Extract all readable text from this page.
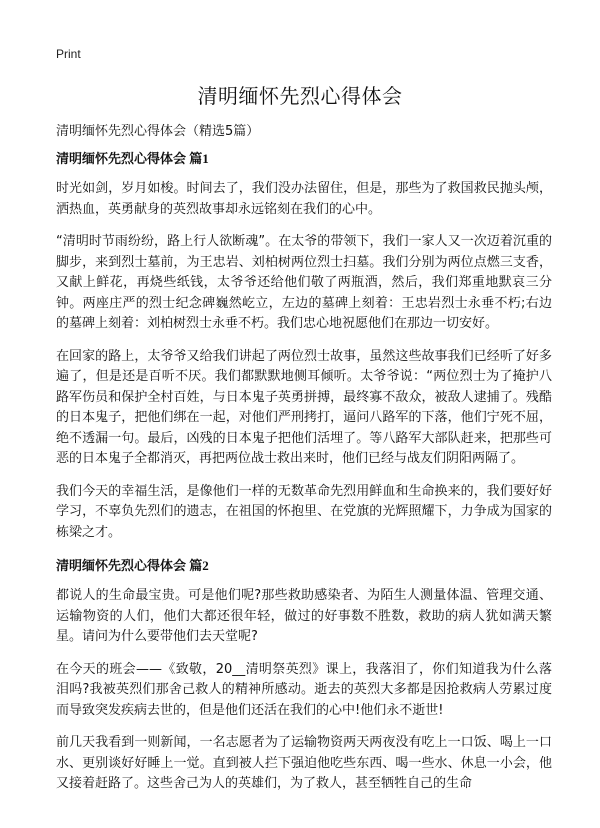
Print
清明缅怀先烈心得体会
清明缅怀先烈心得体会（精选5篇）
清明缅怀先烈心得体会 篇1

时光如剑，岁月如梭。时间去了，我们没办法留住，但是，那些为了救国救民抛头颅，洒热血，英勇献身的英烈故事却永远铭刻在我们的心中。

“清明时节雨纷纷，路上行人欲断魂”。在太爷的带领下，我们一家人又一次迈着沉重的脚步，来到烈士墓前，为王忠岩、刘柏树两位烈士扫墓。我们分别为两位点燃三支香，又献上鲜花，再烧些纸钱，太爷爷还给他们敬了两瓶酒，然后，我们郑重地默哀三分钟。两座庄严的烈士纪念碑巍然屹立，左边的墓碑上刻着：王忠岩烈士永垂不朽;右边的墓碑上刻着：刘柏树烈士永垂不朽。我们忠心地祝愿他们在那边一切安好。

在回家的路上，太爷爷又给我们讲起了两位烈士故事，虽然这些故事我们已经听了好多遍了，但是还是百听不厌。我们都默默地侧耳倾听。太爷爷说：“两位烈士为了掩护八路军伤员和保护全村百姓，与日本鬼子英勇拼搏，最终寡不敌众，被敌人逮捕了。残酷的日本鬼子，把他们绑在一起，对他们严刑拷打，逼问八路军的下落，他们宁死不屈，绝不透漏一句。最后，凶残的日本鬼子把他们活埋了。等八路军大部队赶来，把那些可恶的日本鬼子全都消灭，再把两位战士救出来时，他们已经与战友们阴阳两隔了。

我们今天的幸福生活，是像他们一样的无数革命先烈用鲜血和生命换来的，我们要好好学习，不辜负先烈们的遗志，在祖国的怀抱里、在党旗的光辉照耀下，力争成为国家的栋梁之才。

清明缅怀先烈心得体会 篇2

都说人的生命最宝贵。可是他们呢?那些救助感染者、为陌生人测量体温、管理交通、运输物资的人们，他们大都还很年轻，做过的好事数不胜数，救助的病人犹如满天繁星。请问为什么要带他们去天堂呢?

在今天的班会——《致敬，20__清明祭英烈》课上，我落泪了，你们知道我为什么落泪吗?我被英烈们那舍己救人的精神所感动。逝去的英烈大多都是因抢救病人劳累过度而导致突发疾病去世的，但是他们还活在我们的心中!他们永不逝世!

前几天我看到一则新闻，一名志愿者为了运输物资两天两夜没有吃上一口饭、喝上一口水、更别谈好好睡上一觉。直到被人拦下强迫他吃些东西、喝一些水、休息一小会，他又接着赶路了。这些舍己为人的英雄们，为了救人，甚至牺牲自己的生命
